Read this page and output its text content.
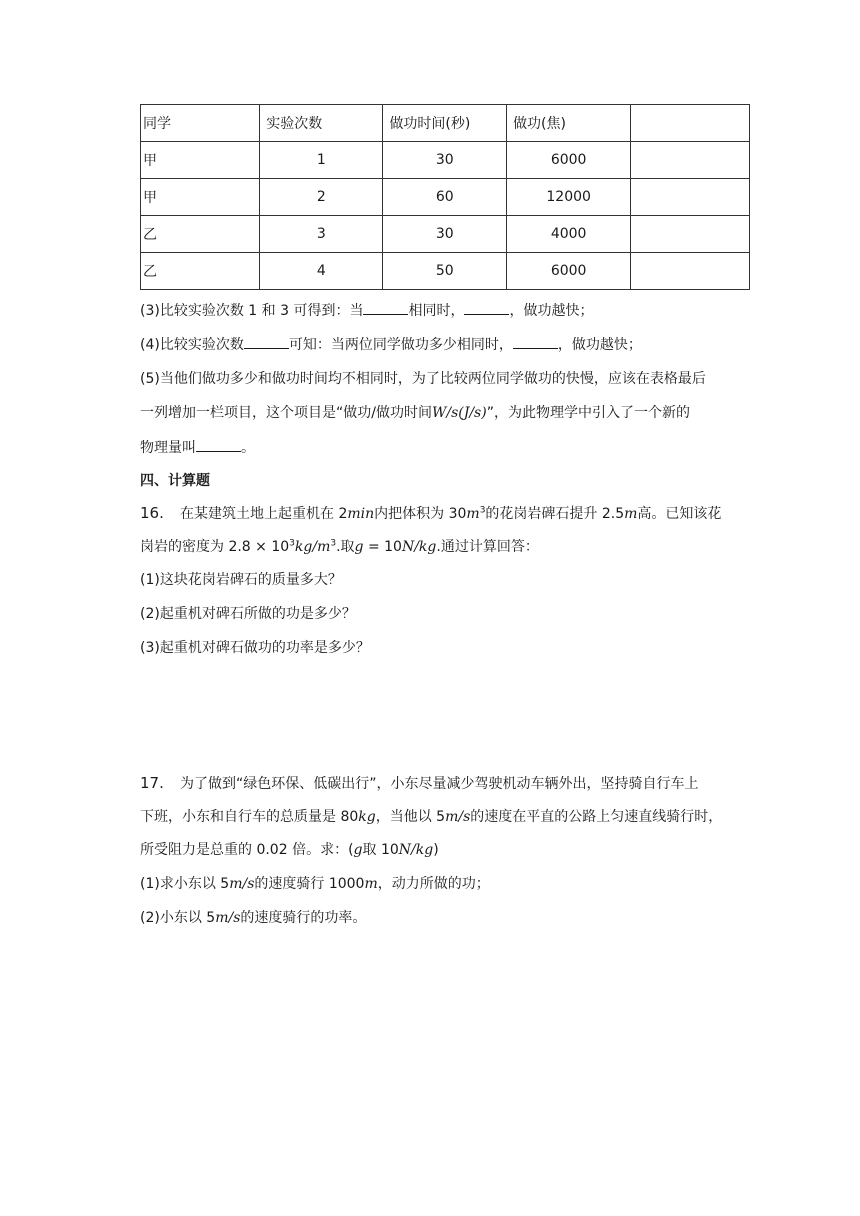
同学	实验次数	做功时间(秒)	做功(焦)	
甲	1	30	6000	
甲	2	60	12000	
乙	3	30	4000	
乙	4	50	6000	
(3)比较实验次数 1 和 3 可得到：当	相同时，	，做功越快；
(4)比较实验次数	可知：当两位同学做功多少相同时，	，做功越快；
(5)当他们做功多少和做功时间均不相同时，为了比较两位同学做功的快慢，应该在表格最后
一列增加一栏项目，这个项目是“做功/做功时间W/s(J/s)”，为此物理学中引入了一个新的
物理量叫	。
四、计算题
16. 在某建筑土地上起重机在 2min内把体积为 $30m^3$的花岗岩碑石提升 2.5m高。已知该花
岗岩的密度为 $2.8 \times 10^3kg/m^3$.取g = 10N/kg.通过计算回答：
(1)这块花岗岩碑石的质量多大？
(2)起重机对碑石所做的功是多少？
(3)起重机对碑石做功的功率是多少？
17. 为了做到“绿色环保、低碳出行”，小东尽量减少驾驶机动车辆外出，坚持骑自行车上
下班，小东和自行车的总质量是 80kg，当他以 5m/s的速度在平直的公路上匀速直线骑行时，
所受阻力是总重的 0.02 倍。求：(g取 10N/kg)
(1)求小东以 5m/s的速度骑行 1000m，动力所做的功；
(2)小东以 5m/s的速度骑行的功率。
